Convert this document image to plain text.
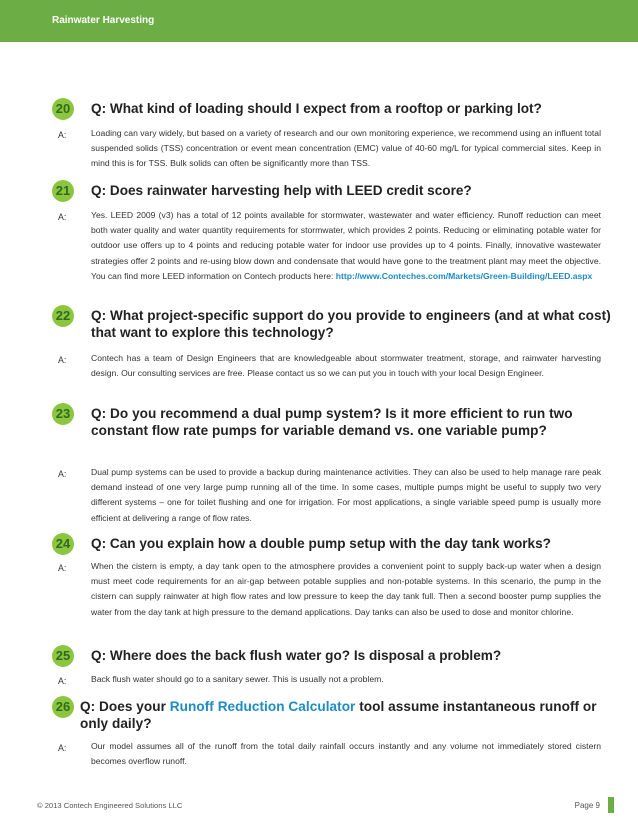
Rainwater Harvesting
20 Q: What kind of loading should I expect from a rooftop or parking lot?

A:	Loading can vary widely, but based on a variety of research and our own monitoring experience, we recommend using an influent total suspended solids (TSS) concentration or event mean concentration (EMC) value of 40-60 mg/L for typical commercial sites. Keep in mind this is for TSS. Bulk solids can often be significantly more than TSS.

21 Q: Does rainwater harvesting help with LEED credit score?

A:	Yes. LEED 2009 (v3) has a total of 12 points available for stormwater, wastewater and water efficiency. Runoff reduction can meet both water quality and water quantity requirements for stormwater, which provides 2 points. Reducing or eliminating potable water for outdoor use offers up to 4 points and reducing potable water for indoor use provides up to 4 points. Finally, innovative wastewater strategies offer 2 points and re-using blow down and condensate that would have gone to the treatment plant may meet the objective. You can find more LEED information on Contech products here: http://www.Conteches.com/Markets/Green-Building/LEED.aspx

22 Q: What project-specific support do you provide to engineers (and at what cost) that want to explore this technology?

A:	Contech has a team of Design Engineers that are knowledgeable about stormwater treatment, storage, and rainwater harvesting design. Our consulting services are free. Please contact us so we can put you in touch with your local Design Engineer.

23 Q: Do you recommend a dual pump system? Is it more efficient to run two constant flow rate pumps for variable demand vs. one variable pump?

A:	Dual pump systems can be used to provide a backup during maintenance activities. They can also be used to help manage rare peak demand instead of one very large pump running all of the time. In some cases, multiple pumps might be useful to supply two very different systems – one for toilet flushing and one for irrigation. For most applications, a single variable speed pump is usually more efficient at delivering a range of flow rates.

24 Q: Can you explain how a double pump setup with the day tank works?

A:	When the cistern is empty, a day tank open to the atmosphere provides a convenient point to supply back-up water when a design must meet code requirements for an air-gap between potable supplies and non-potable systems. In this scenario, the pump in the cistern can supply rainwater at high flow rates and low pressure to keep the day tank full. Then a second booster pump supplies the water from the day tank at high pressure to the demand applications. Day tanks can also be used to dose and monitor chlorine.

25 Q: Where does the back flush water go? Is disposal a problem?

A:	Back flush water should go to a sanitary sewer. This is usually not a problem.

26 Q: Does your Runoff Reduction Calculator tool assume instantaneous runoff or only daily?

A:	Our model assumes all of the runoff from the total daily rainfall occurs instantly and any volume not immediately stored cistern becomes overflow runoff.

© 2013 Contech Engineered Solutions LLC	Page 9
